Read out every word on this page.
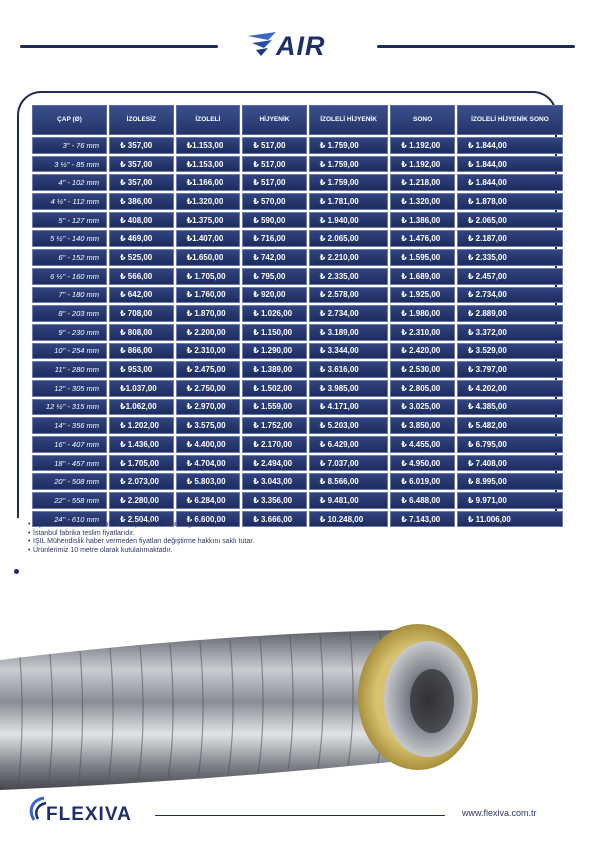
AIR
ÇAP (Ø)	İZOLESİZ	İZOLELİ	HİJYENİK	İZOLELİ HİJYENİK	SONO	İZOLELİ HİJYENİK SONO
3" - 76 mm	₺ 357,00	₺1.153,00	₺ 517,00	₺ 1.759,00	₺ 1.192,00	₺ 1.844,00
3 ½" - 85 mm	₺ 357,00	₺1.153,00	₺ 517,00	₺ 1.759,00	₺ 1.192,00	₺ 1.844,00
4" - 102 mm	₺ 357,00	₺1.166,00	₺ 517,00	₺ 1.759,00	₺ 1.218,00	₺ 1.844,00
4 ½" - 112 mm	₺ 386,00	₺1.320,00	₺ 570,00	₺ 1.781,00	₺ 1.320,00	₺ 1.878,00
5" - 127 mm	₺ 408,00	₺1.375,00	₺ 590,00	₺ 1.940,00	₺ 1.386,00	₺ 2.065,00
5 ½" - 140 mm	₺ 469,00	₺1.407,00	₺ 716,00	₺ 2.065,00	₺ 1.476,00	₺ 2.187,00
6" - 152 mm	₺ 525,00	₺1.650,00	₺ 742,00	₺ 2.210,00	₺ 1.595,00	₺ 2.335,00
6 ½" - 160 mm	₺ 566,00	₺ 1.705,00	₺ 795,00	₺ 2.335,00	₺ 1.689,00	₺ 2.457,00
7" - 180 mm	₺ 642,00	₺ 1.760,00	₺ 920,00	₺ 2.578,00	₺ 1.925,00	₺ 2.734,00
8" - 203 mm	₺ 708,00	₺ 1.870,00	₺ 1.026,00	₺ 2.734,00	₺ 1.980,00	₺ 2.889,00
9" - 230 mm	₺ 808,00	₺ 2.200,00	₺ 1.150,00	₺ 3.189,00	₺ 2.310,00	₺ 3.372,00
10" - 254 mm	₺ 866,00	₺ 2.310,00	₺ 1.290,00	₺ 3.344,00	₺ 2.420,00	₺ 3.529,00
11" - 280 mm	₺ 953,00	₺ 2.475,00	₺ 1.389,00	₺ 3.616,00	₺ 2.530,00	₺ 3.797,00
12" - 305 mm	₺1.037,00	₺ 2.750,00	₺ 1.502,00	₺ 3.985,00	₺ 2.805,00	₺ 4.202,00
12 ½" - 315 mm	₺1.062,00	₺ 2.970,00	₺ 1.559,00	₺ 4.171,00	₺ 3.025,00	₺ 4.385,00
14" - 356 mm	₺ 1.202,00	₺ 3.575,00	₺ 1.752,00	₺ 5.203,00	₺ 3.850,00	₺ 5.482,00
16" - 407 mm	₺ 1.436,00	₺ 4.400,00	₺ 2.170,00	₺ 6.429,00	₺ 4.455,00	₺ 6.795,00
18" - 457 mm	₺ 1.705,00	₺ 4.704,00	₺ 2.494,00	₺ 7.037,00	₺ 4.950,00	₺ 7.408,00
20" - 508 mm	₺ 2.073,00	₺ 5.803,00	₺ 3.043,00	₺ 8.566,00	₺ 6.019,00	₺ 8.995,00
22" - 558 mm	₺ 2.280,00	₺ 6.284,00	₺ 3.356,00	₺ 9.481,00	₺ 6.488,00	₺ 9.971,00
24" - 610 mm	₺ 2.504,00	₺ 6.600,00	₺ 3.666,00	₺ 10.248,00	₺ 7.143,00	₺ 11.006,00
• Fiyatlar Türk Lirası olarak verilmiştir. KDV dahil değildir.
• İstanbul fabrika teslim fiyatlarıdır.
• IŞIL Mühendislik haber vermeden fiyatları değiştirme hakkını saklı tutar.
• Ürünlerimiz 10 metre olarak kutulanmaktadır.
FLEXIVA	www.flexiva.com.tr
